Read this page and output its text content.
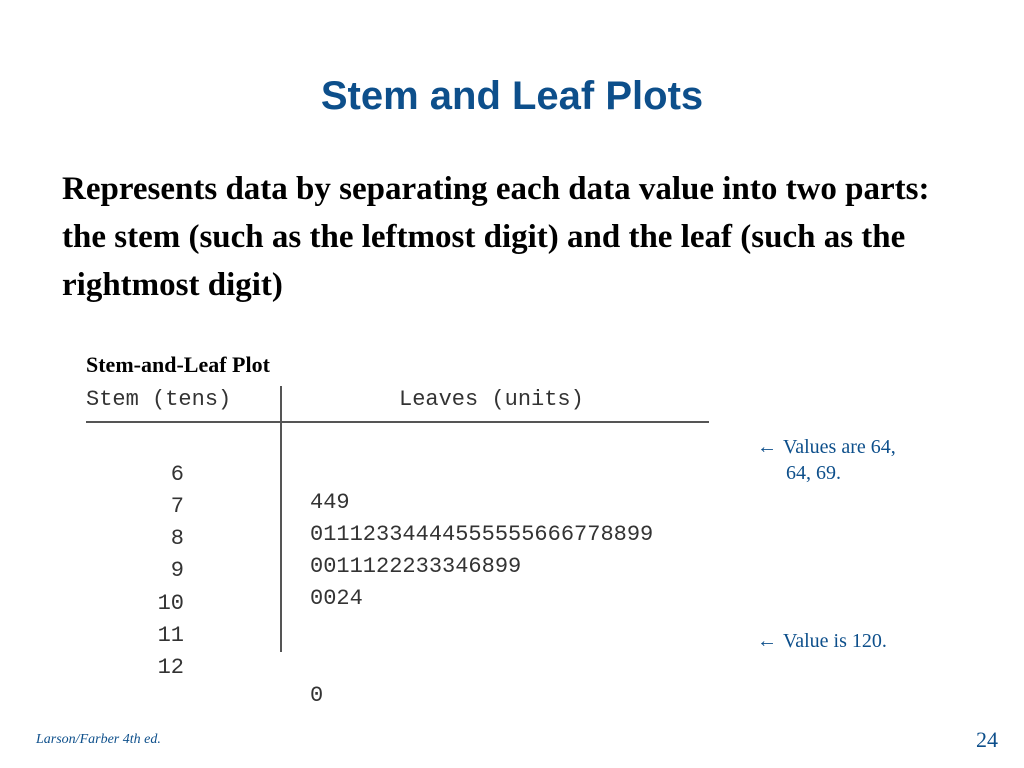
Stem and Leaf Plots
Represents data by separating each data value into two parts: the stem (such as the leftmost digit) and the leaf (such as the rightmost digit)
Stem-and-Leaf Plot
Stem (tens)	Leaves (units)

6

449

7

01112334444555555666778899

8

0011122233346899

9

0024

10

11

12

0

← Values are 64,
64, 69.
← Value is 120.
Larson/Farber 4th ed.	24
